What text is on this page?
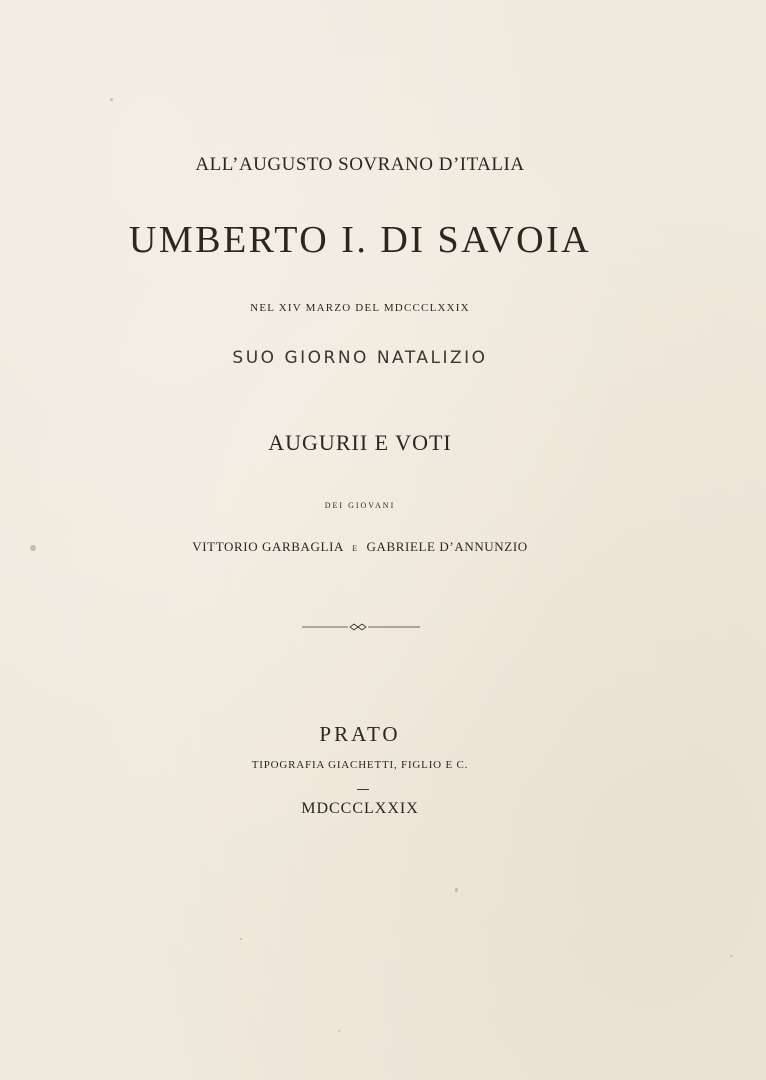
ALL’AUGUSTO SOVRANO D’ITALIA
UMBERTO I. DI SAVOIA
NEL XIV MARZO DEL MDCCCLXXIX
SUO GIORNO NATALIZIO
AUGURII E VOTI
DEI GIOVANI
VITTORIO GARBAGLIA E GABRIELE D’ANNUNZIO
PRATO
TIPOGRAFIA GIACHETTI, FIGLIO E C.
MDCCCLXXIX
